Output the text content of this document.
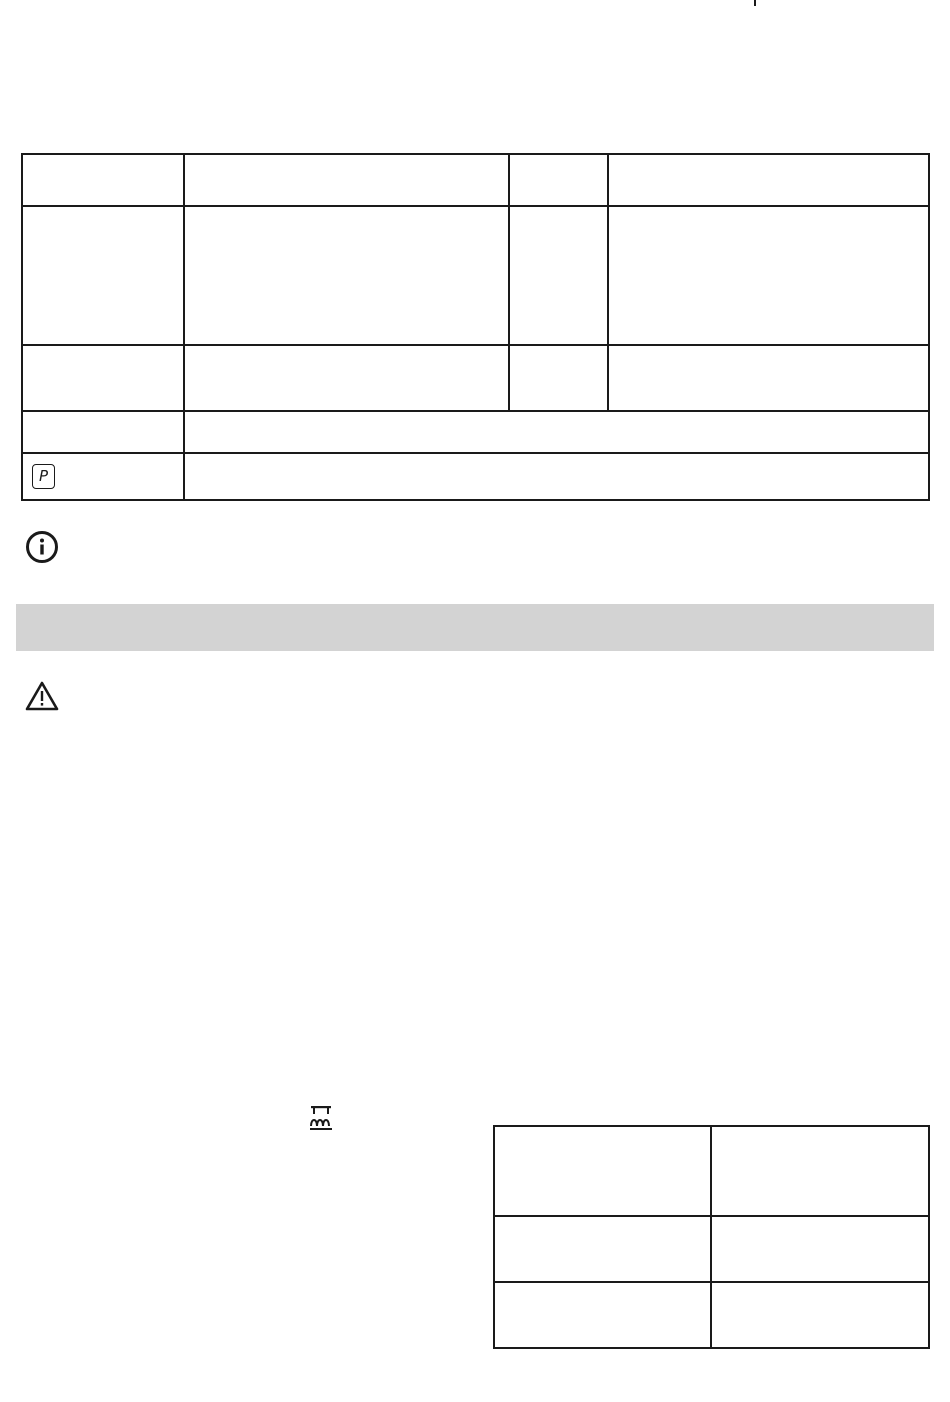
P		
